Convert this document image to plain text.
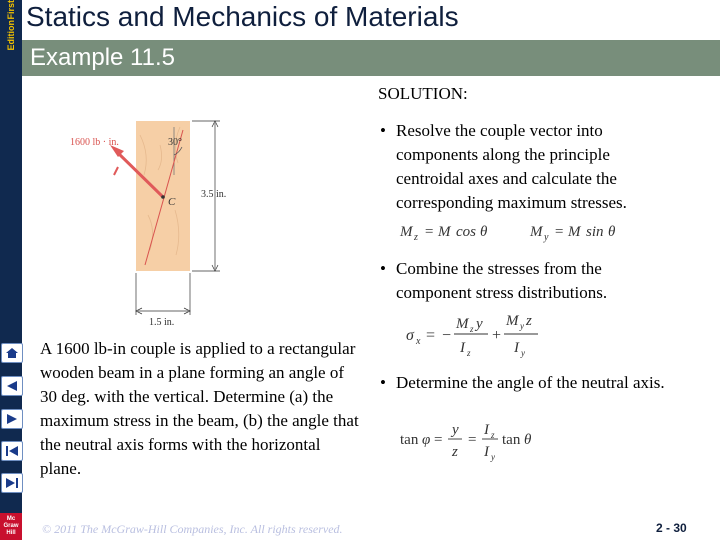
First
Edition
Mc
Graw
Hill
Statics and Mechanics of Materials
Example 11.5
C
30°
1600 lb · in.
3.5 in.
1.5 in.
SOLUTION:
• Resolve the couple vector into components along the principle centroidal axes and calculate the corresponding maximum stresses.
M z = M cos θ	M y = M sin θ
• Combine the stresses from the component stress distributions.
σ x = −
M z y
I z
+
M y z
I y
• Determine the angle of the neutral axis.
tan φ =
y
z
=
I z
I y
tan θ
A 1600 lb-in couple is applied to a rectangular wooden beam in a plane forming an angle of 30 deg. with the vertical. Determine (a) the maximum stress in the beam, (b) the angle that the neutral axis forms with the horizontal plane.
© 2011 The McGraw-Hill Companies, Inc. All rights reserved.	2 - 30
